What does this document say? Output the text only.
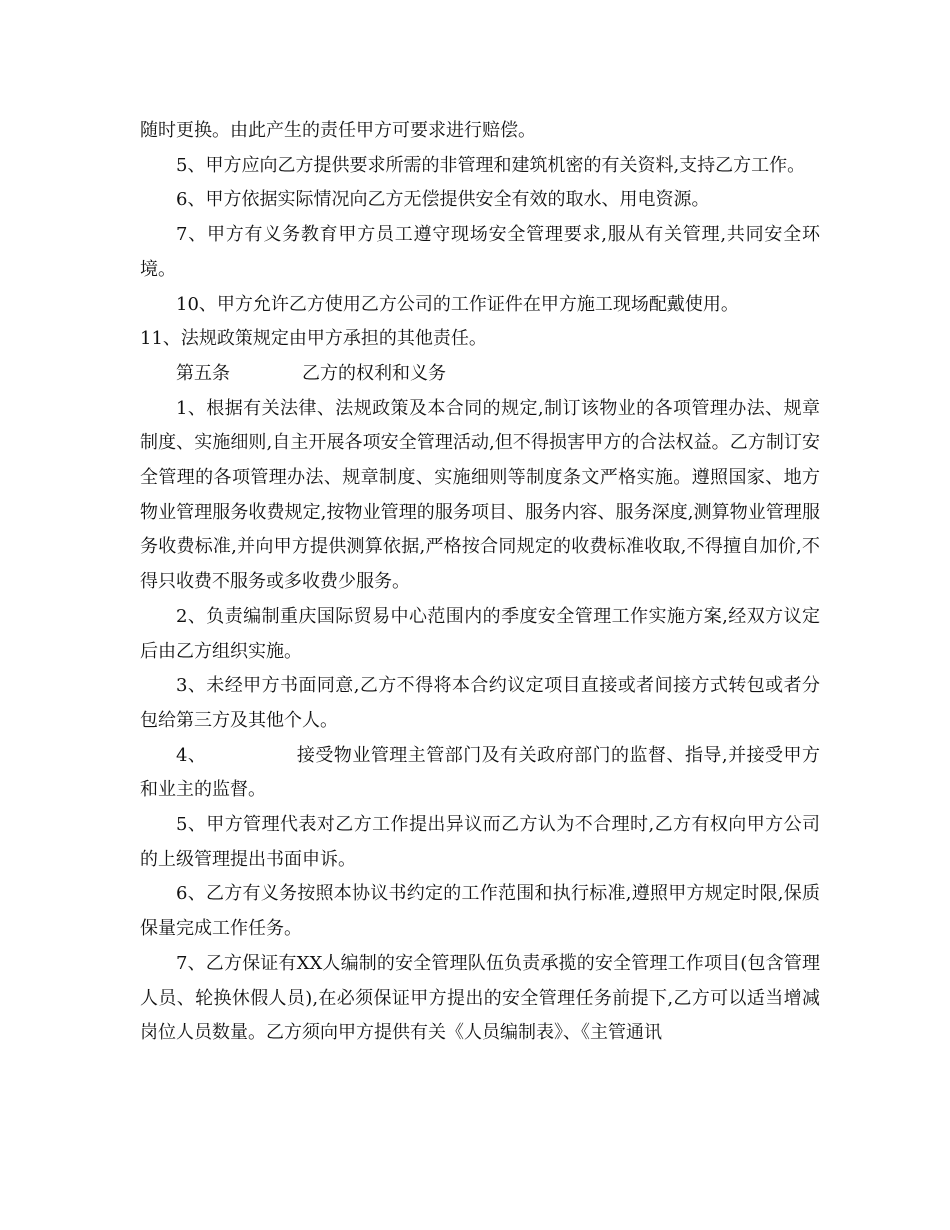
随时更换。由此产生的责任甲方可要求进行赔偿。

5、甲方应向乙方提供要求所需的非管理和建筑机密的有关资料,支持乙方工作。

6、甲方依据实际情况向乙方无偿提供安全有效的取水、用电资源。

7、甲方有义务教育甲方员工遵守现场安全管理要求,服从有关管理,共同安全环境。

10、甲方允许乙方使用乙方公司的工作证件在甲方施工现场配戴使用。

11、法规政策规定由甲方承担的其他责任。

第五条	乙方的权利和义务

1、根据有关法律、法规政策及本合同的规定,制订该物业的各项管理办法、规章制度、实施细则,自主开展各项安全管理活动,但不得损害甲方的合法权益。乙方制订安全管理的各项管理办法、规章制度、实施细则等制度条文严格实施。遵照国家、地方物业管理服务收费规定,按物业管理的服务项目、服务内容、服务深度,测算物业管理服务收费标准,并向甲方提供测算依据,严格按合同规定的收费标准收取,不得擅自加价,不得只收费不服务或多收费少服务。

2、负责编制重庆国际贸易中心范围内的季度安全管理工作实施方案,经双方议定后由乙方组织实施。

3、未经甲方书面同意,乙方不得将本合约议定项目直接或者间接方式转包或者分包给第三方及其他个人。

4、	接受物业管理主管部门及有关政府部门的监督、指导,并接受甲方和业主的监督。

5、甲方管理代表对乙方工作提出异议而乙方认为不合理时,乙方有权向甲方公司的上级管理提出书面申诉。

6、乙方有义务按照本协议书约定的工作范围和执行标准,遵照甲方规定时限,保质保量完成工作任务。

7、乙方保证有XX人编制的安全管理队伍负责承揽的安全管理工作项目(包含管理人员、轮换休假人员),在必须保证甲方提出的安全管理任务前提下,乙方可以适当增减岗位人员数量。乙方须向甲方提供有关《人员编制表》、《主管通讯
